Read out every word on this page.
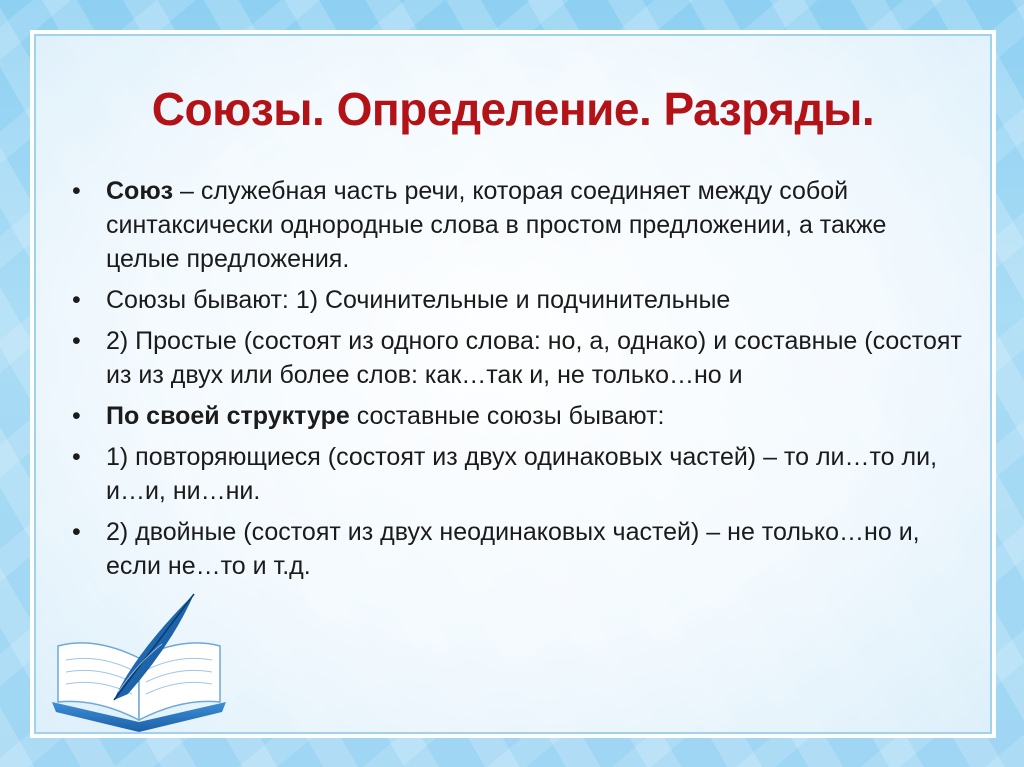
Союзы. Определение. Разряды.
• Союз – служебная часть речи, которая соединяет между собой синтаксически однородные слова в простом предложении, а также целые предложения.
• Союзы бывают: 1) Сочинительные и подчинительные
• 2) Простые (состоят из одного слова: но, а, однако) и составные (состоят из из двух или более слов: как…так и, не только…но и
• По своей структуре составные союзы бывают:
• 1) повторяющиеся (состоят из двух одинаковых частей) – то ли…то ли, и…и, ни…ни.
• 2) двойные (состоят из двух неодинаковых частей) – не только…но и, если не…то и т.д.
